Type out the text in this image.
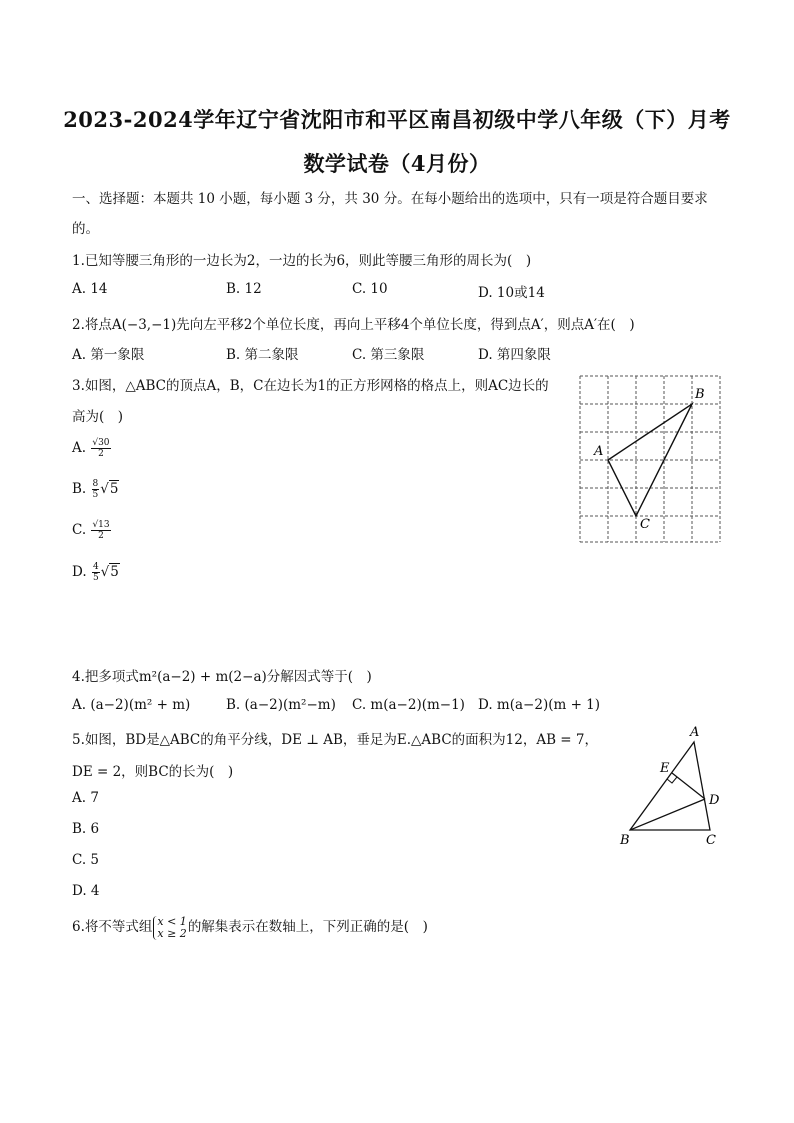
2023-2024学年辽宁省沈阳市和平区南昌初级中学八年级（下）月考
数学试卷（4月份）
一、选择题：本题共 10 小题，每小题 3 分，共 30 分。在每小题给出的选项中，只有一项是符合题目要求
的。
1.已知等腰三角形的一边长为2，一边的长为6，则此等腰三角形的周长为(　)
A. 14	B. 12	C. 10	D. 10或14
2.将点A(−3,−1)先向左平移2个单位长度，再向上平移4个单位长度，得到点A′，则点A′在(　)
A. 第一象限	B. 第二象限	C. 第三象限	D. 第四象限
3.如图，△ABC的顶点A，B，C在边长为1的正方形网格的格点上，则AC边长的
高为(　)
A. $\frac{√30}{2}$
B. $\frac{8}{5} √5$
C. $\frac{√13}{2}$
D. $\frac{4}{5} √5$
A
B
C
4.把多项式m²(a−2) + m(2−a)分解因式等于(　)
A. (a−2)(m² + m)	B. (a−2)(m²−m) C. m(a−2)(m−1) D. m(a−2)(m + 1)
5.如图，BD是△ABC的角平分线，DE ⊥ AB，垂足为E.△ABC的面积为12，AB = 7，
DE = 2，则BC的长为(　)
A. 7
B. 6
C. 5
D. 4
A
E
D
B	C
6.将不等式组 x < 1
x ≥ 2 的解集表示在数轴上，下列正确的是(　)
